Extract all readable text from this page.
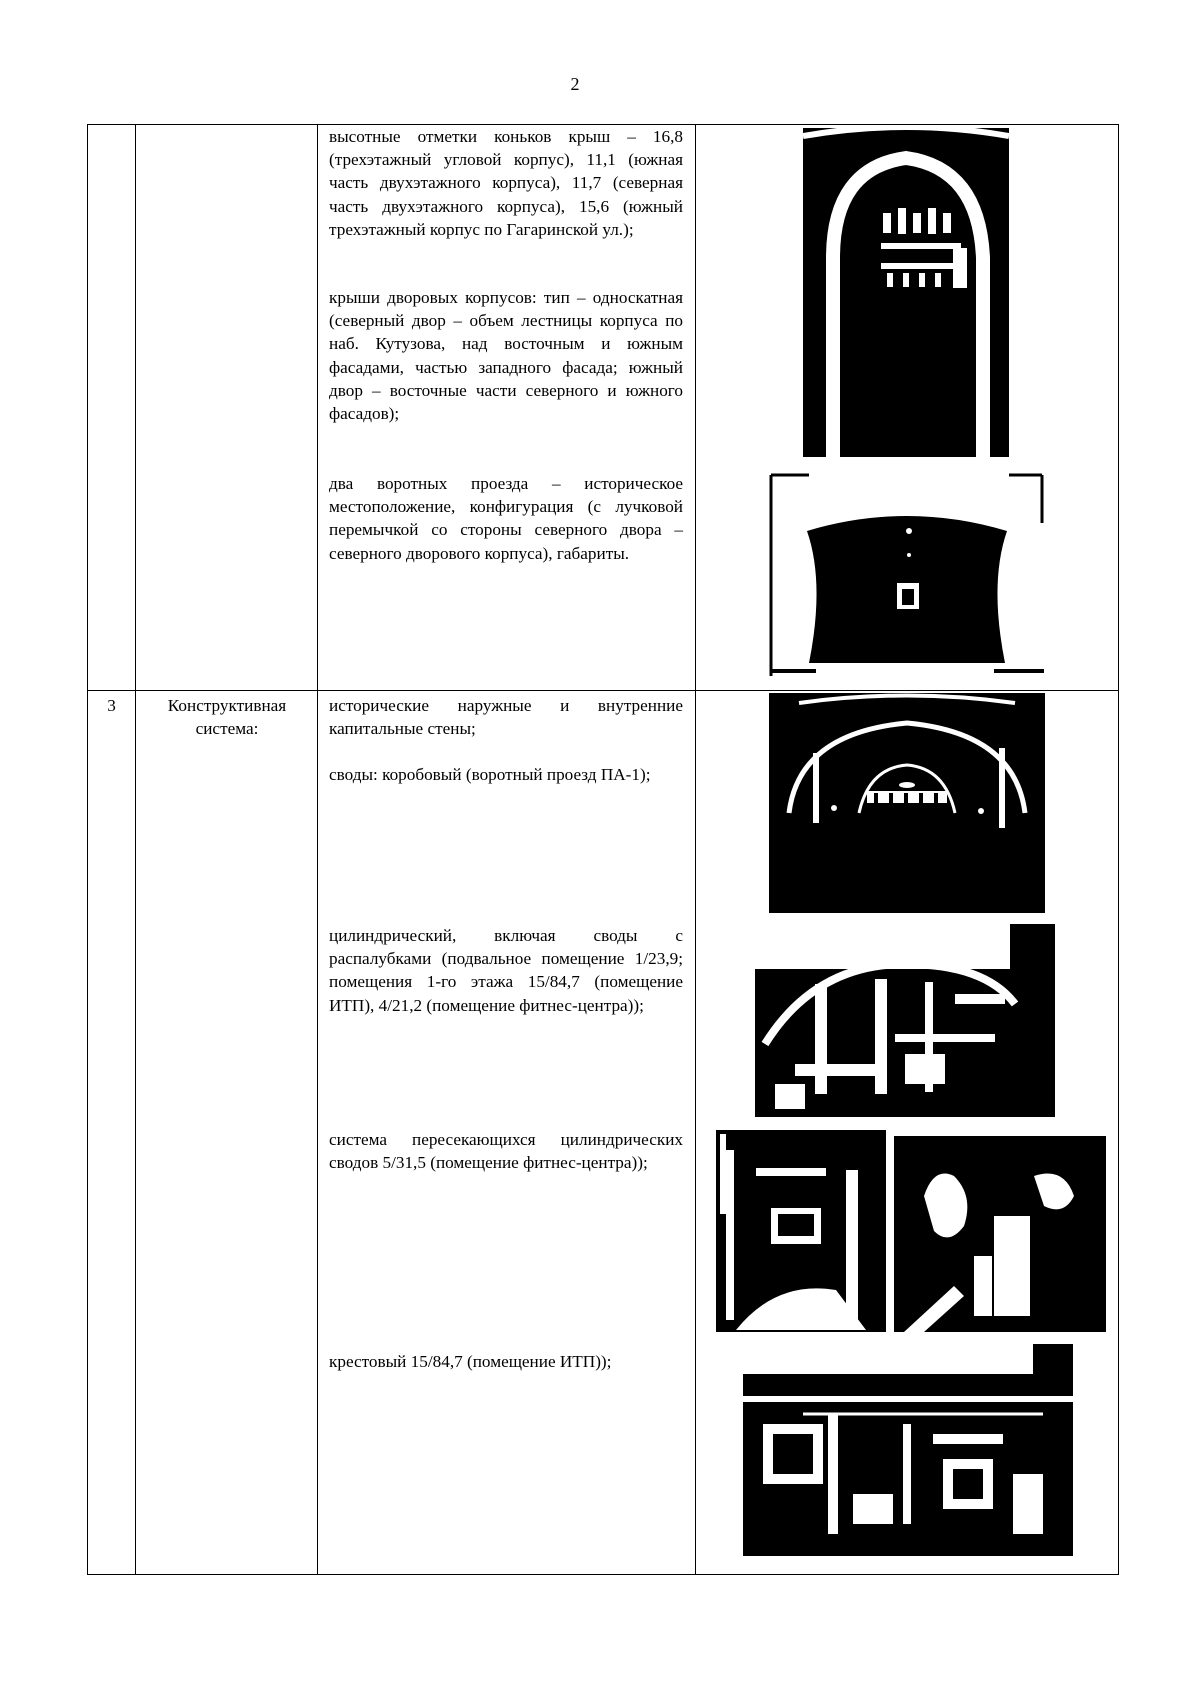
2
высотные отметки коньков крыш – 16,8 (трехэтажный угловой корпус), 11,1 (южная часть двухэтажного корпуса), 11,7 (северная часть двухэтажного корпуса), 15,6 (южный трехэтажный корпус по Гагаринской ул.);
крыши дворовых корпусов: тип – односкатная (северный двор – объем лестницы корпуса по наб. Кутузова, над восточным и южным фасадами, частью западного фасада; южный двор – восточные части северного и южного фасадов);
два воротных проезда – историческое местоположение, конфигурация (с лучковой перемычкой со стороны северного двора – северного дворового корпуса), габариты.
3	Конструктивная система:
исторические наружные и внутренние капитальные стены;
своды: коробовый (воротный проезд ПА-1);
цилиндрический, включая своды с распалубками (подвальное помещение 1/23,9; помещения 1-го этажа 15/84,7 (помещение ИТП), 4/21,2 (помещение фитнес-центра));
система пересекающихся цилиндрических сводов 5/31,5 (помещение фитнес-центра));
крестовый 15/84,7 (помещение ИТП));
